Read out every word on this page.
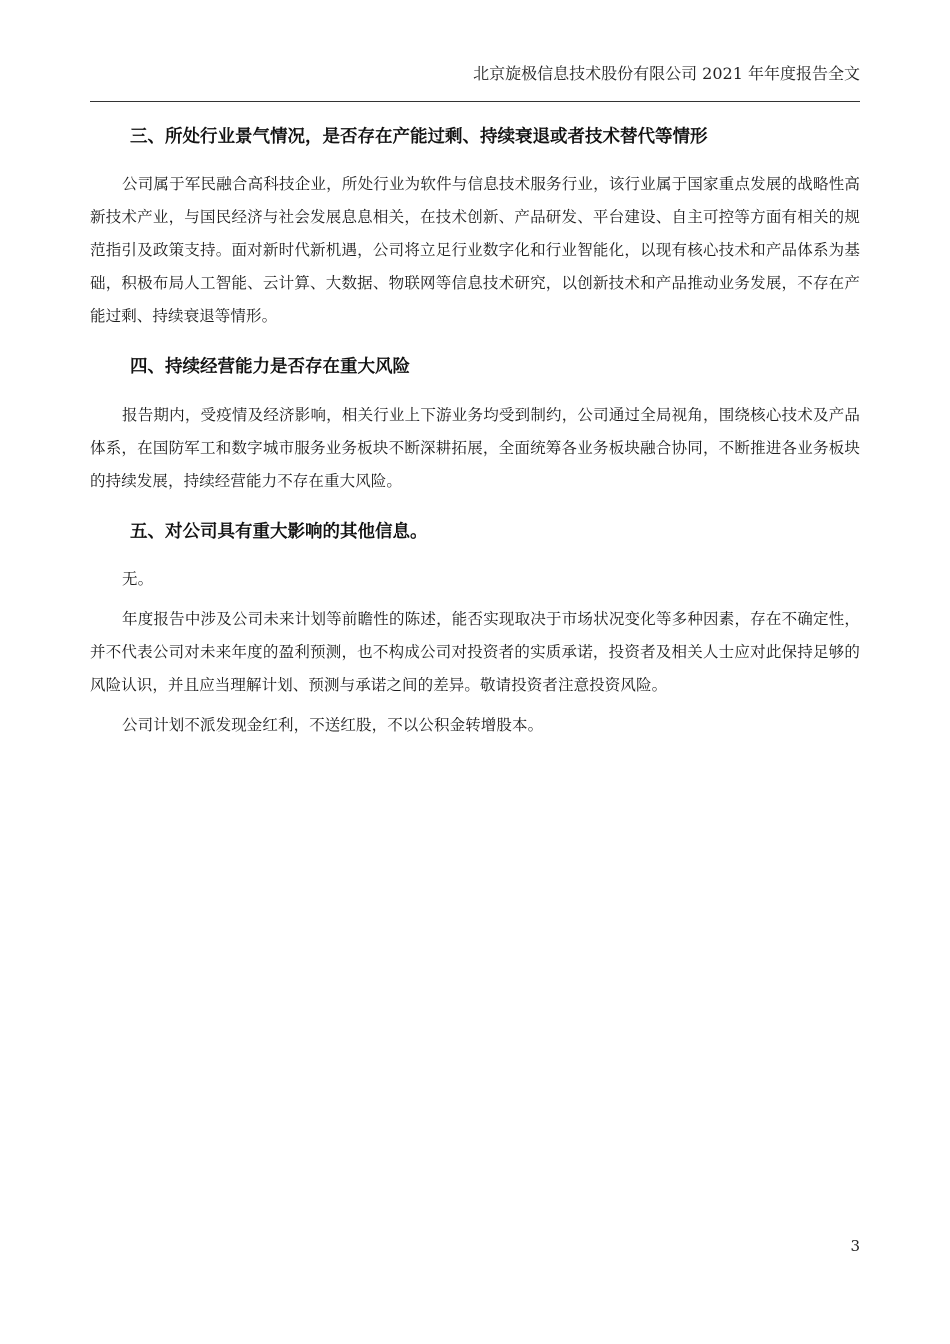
北京旋极信息技术股份有限公司 2021 年年度报告全文
三、所处行业景气情况，是否存在产能过剩、持续衰退或者技术替代等情形

公司属于军民融合高科技企业，所处行业为软件与信息技术服务行业，该行业属于国家重点发展的战略性高新技术产业，与国民经济与社会发展息息相关，在技术创新、产品研发、平台建设、自主可控等方面有相关的规范指引及政策支持。面对新时代新机遇，公司将立足行业数字化和行业智能化，以现有核心技术和产品体系为基础，积极布局人工智能、云计算、大数据、物联网等信息技术研究，以创新技术和产品推动业务发展，不存在产能过剩、持续衰退等情形。

四、持续经营能力是否存在重大风险

报告期内，受疫情及经济影响，相关行业上下游业务均受到制约，公司通过全局视角，围绕核心技术及产品体系，在国防军工和数字城市服务业务板块不断深耕拓展，全面统筹各业务板块融合协同，不断推进各业务板块的持续发展，持续经营能力不存在重大风险。

五、对公司具有重大影响的其他信息。

无。

年度报告中涉及公司未来计划等前瞻性的陈述，能否实现取决于市场状况变化等多种因素，存在不确定性，并不代表公司对未来年度的盈利预测，也不构成公司对投资者的实质承诺，投资者及相关人士应对此保持足够的风险认识，并且应当理解计划、预测与承诺之间的差异。敬请投资者注意投资风险。

公司计划不派发现金红利，不送红股，不以公积金转增股本。

3
